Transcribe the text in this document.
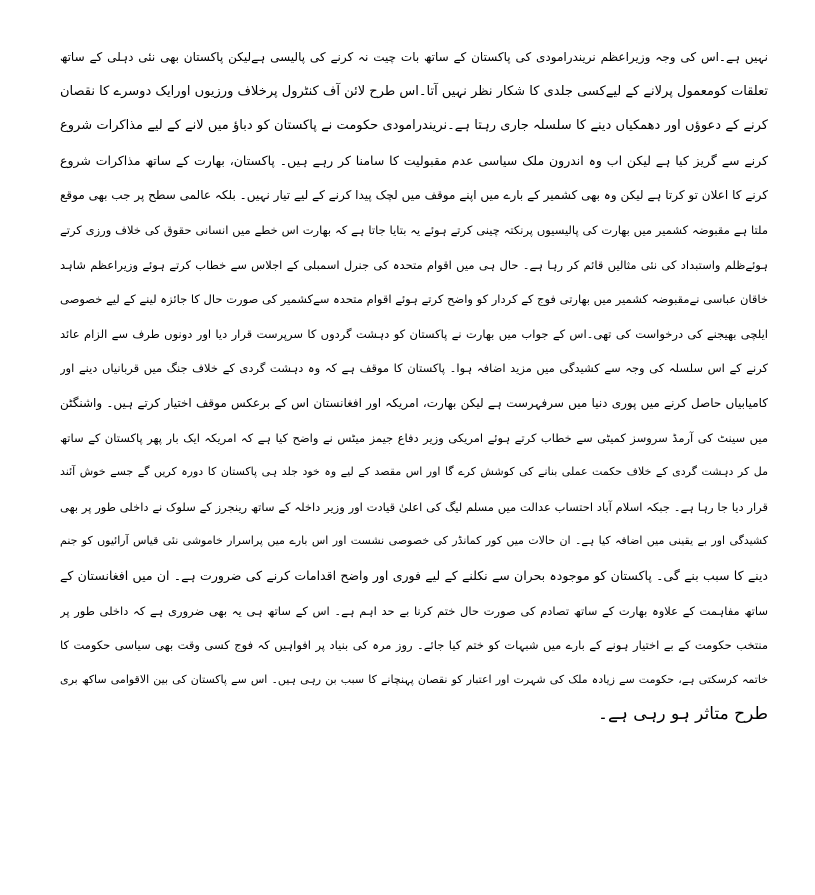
نہیں ہے۔اس کی وجہ وزیراعظم نریندرامودی کی پاکستان کے ساتھ بات چیت نہ کرنے کی پالیسی ہےلیکن پاکستان بھی نئی دہلی کے ساتھ
تعلقات کومعمول پرلانے کے لیےکسی جلدی کا شکار نظر نہیں آتا۔اس طرح لائن آف کنٹرول پرخلاف ورزیوں اورایک دوسرے کا نقصان
کرنے کے دعوؤں اور دھمکیاں دینے کا سلسلہ جاری رہتا ہے۔نریندرامودی حکومت نے پاکستان کو دباؤ میں لانے کے لیے مذاکرات شروع
کرنے سے گریز کیا ہے لیکن اب وہ اندرون ملک سیاسی عدم مقبولیت کا سامنا کر رہے ہیں۔ پاکستان، بھارت کے ساتھ مذاکرات شروع
کرنے کا اعلان تو کرتا ہے لیکن وہ بھی کشمیر کے بارے میں اپنے موقف میں لچک پیدا کرنے کے لیے تیار نہیں۔ بلکہ عالمی سطح پر جب بھی موقع
ملتا ہے مقبوضہ کشمیر میں بھارت کی پالیسیوں پرنکتہ چینی کرتے ہوئے یہ بتایا جاتا ہے کہ بھارت اس خطے میں انسانی حقوق کی خلاف ورزی کرتے
ہوئےظلم واستبداد کی نئی مثالیں قائم کر رہا ہے۔ حال ہی میں اقوام متحدہ کی جنرل اسمبلی کے اجلاس سے خطاب کرتے ہوئے وزیراعظم شاہد
خاقان عباسی نےمقبوضہ کشمیر میں بھارتی فوج کے کردار کو واضح کرتے ہوئے اقوام متحدہ سےکشمیر کی صورت حال کا جائزہ لینے کے لیے خصوصی
ایلچی بھیجنے کی درخواست کی تھی۔اس کے جواب میں بھارت نے پاکستان کو دہشت گردوں کا سرپرست قرار دیا اور دونوں طرف سے الزام عائد
کرنے کے اس سلسلہ کی وجہ سے کشیدگی میں مزید اضافہ ہوا۔ پاکستان کا موقف ہے کہ وہ دہشت گردی کے خلاف جنگ میں قربانیاں دینے اور
کامیابیاں حاصل کرنے میں پوری دنیا میں سرفہرست ہے لیکن بھارت، امریکہ اور افغانستان اس کے برعکس موقف اختیار کرتے ہیں۔ واشنگٹن
میں سینٹ کی آرمڈ سروسز کمیٹی سے خطاب کرتے ہوئے امریکی وزیر دفاع جیمز میٹس نے واضح کیا ہے کہ امریکہ ایک بار پھر پاکستان کے ساتھ
مل کر دہشت گردی کے خلاف حکمت عملی بنانے کی کوشش کرے گا اور اس مقصد کے لیے وہ خود جلد ہی پاکستان کا دورہ کریں گے جسے خوش آئند
قرار دیا جا رہا ہے۔ جبکہ اسلام آباد احتساب عدالت میں مسلم لیگ کی اعلیٰ قیادت اور وزیر داخلہ کے ساتھ رینجرز کے سلوک نے داخلی طور پر بھی
کشیدگی اور بے یقینی میں اضافہ کیا ہے۔ ان حالات میں کور کمانڈر کی خصوصی نشست اور اس بارے میں پراسرار خاموشی نئی قیاس آرائیوں کو جنم
دینے کا سبب بنے گی۔ پاکستان کو موجودہ بحران سے نکلنے کے لیے فوری اور واضح اقدامات کرنے کی ضرورت ہے۔ ان میں افغانستان کے
ساتھ مفاہمت کے علاوہ بھارت کے ساتھ تصادم کی صورت حال ختم کرنا بے حد اہم ہے۔ اس کے ساتھ ہی یہ بھی ضروری ہے کہ داخلی طور پر
منتخب حکومت کے بے اختیار ہونے کے بارے میں شبہات کو ختم کیا جائے۔ روز مرہ کی بنیاد پر افواہیں کہ فوج کسی وقت بھی سیاسی حکومت کا
خاتمہ کرسکتی ہے، حکومت سے زیادہ ملک کی شہرت اور اعتبار کو نقصان پہنچانے کا سبب بن رہی ہیں۔ اس سے پاکستان کی بین الاقوامی ساکھ بری
طرح متاثر ہو رہی ہے۔
